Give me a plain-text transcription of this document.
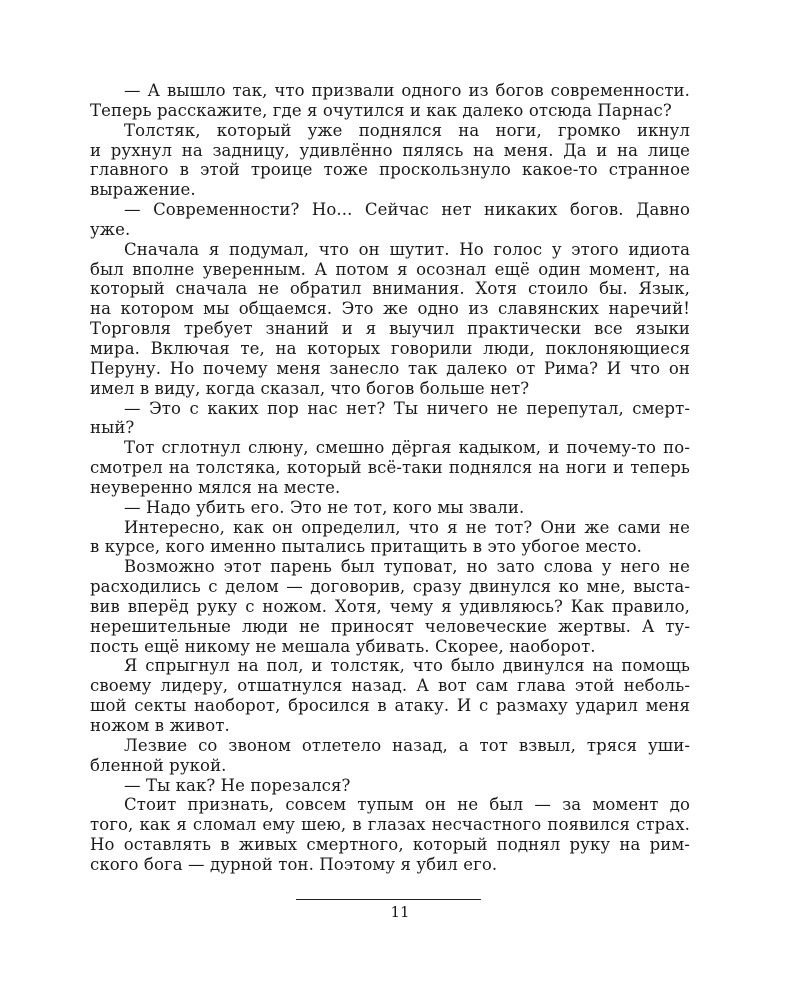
— А вышло так, что призвали одного из богов современности.
Теперь расскажите, где я очутился и как далеко отсюда Парнас?
Толстяк, который уже поднялся на ноги, громко икнул
и рухнул на задницу, удивлённо пялясь на меня. Да и на лице
главного в этой троице тоже проскользнуло какое-то странное
выражение.
— Современности? Но... Сейчас нет никаких богов. Давно
уже.
Сначала я подумал, что он шутит. Но голос у этого идиота
был вполне уверенным. А потом я осознал ещё один момент, на
который сначала не обратил внимания. Хотя стоило бы. Язык,
на котором мы общаемся. Это же одно из славянских наречий!
Торговля требует знаний и я выучил практически все языки
мира. Включая те, на которых говорили люди, поклоняющиеся
Перуну. Но почему меня занесло так далеко от Рима? И что он
имел в виду, когда сказал, что богов больше нет?
— Это с каких пор нас нет? Ты ничего не перепутал, смерт-
ный?
Тот сглотнул слюну, смешно дёргая кадыком, и почему-то по-
смотрел на толстяка, который всё-таки поднялся на ноги и теперь
неуверенно мялся на месте.
— Надо убить его. Это не тот, кого мы звали.
Интересно, как он определил, что я не тот? Они же сами не
в курсе, кого именно пытались притащить в это убогое место.
Возможно этот парень был туповат, но зато слова у него не
расходились с делом — договорив, сразу двинулся ко мне, выста-
вив вперёд руку с ножом. Хотя, чему я удивляюсь? Как правило,
нерешительные люди не приносят человеческие жертвы. А ту-
пость ещё никому не мешала убивать. Скорее, наоборот.
Я спрыгнул на пол, и толстяк, что было двинулся на помощь
своему лидеру, отшатнулся назад. А вот сам глава этой неболь-
шой секты наоборот, бросился в атаку. И с размаху ударил меня
ножом в живот.
Лезвие со звоном отлетело назад, а тот взвыл, тряся уши-
бленной рукой.
— Ты как? Не порезался?
Стоит признать, совсем тупым он не был — за момент до
того, как я сломал ему шею, в глазах несчастного появился страх.
Но оставлять в живых смертного, который поднял руку на рим-
ского бога — дурной тон. Поэтому я убил его.
11
